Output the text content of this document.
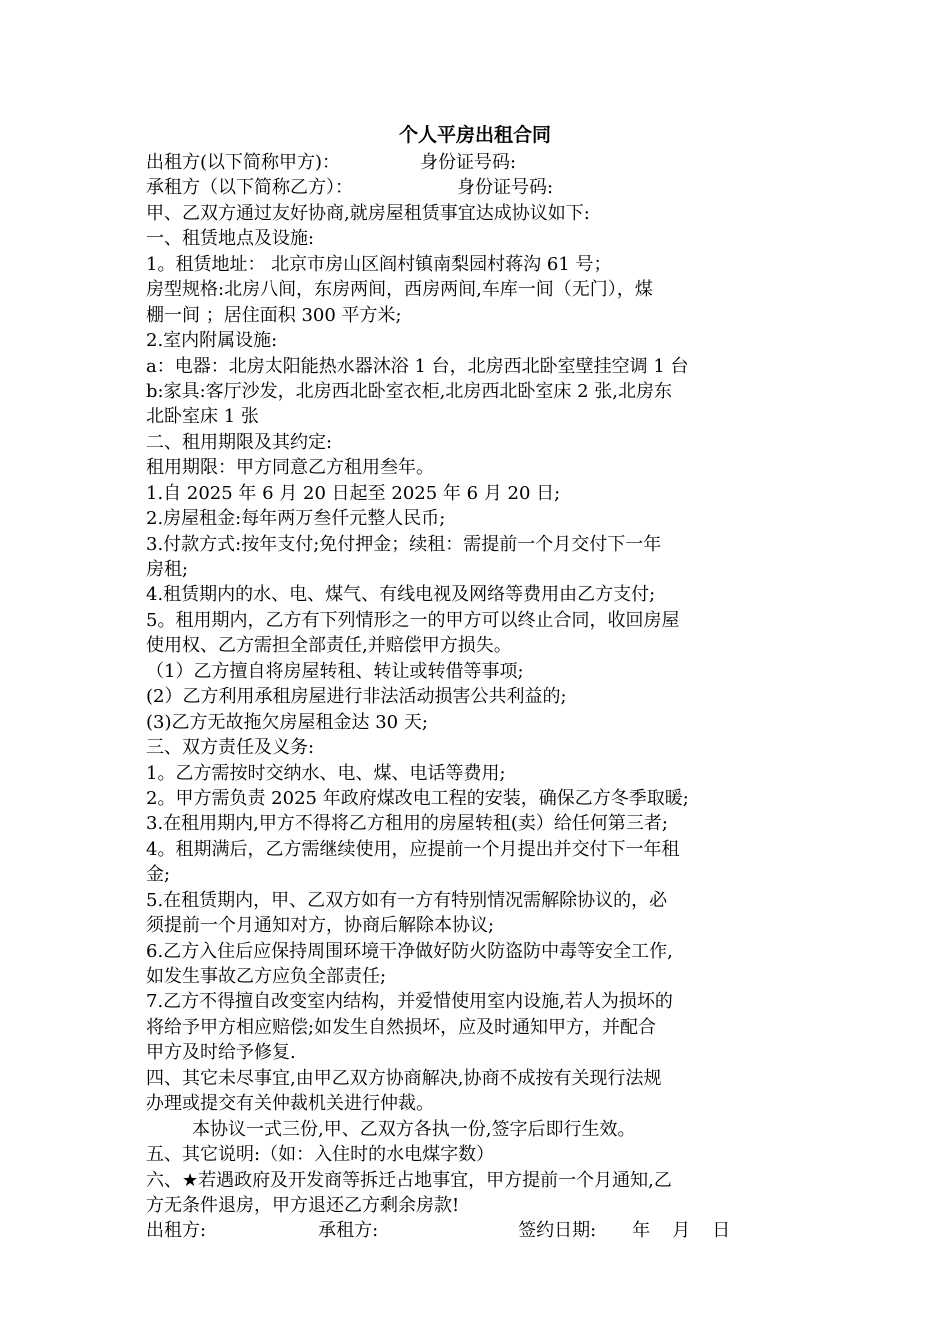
个人平房出租合同
出租方(以下简称甲方)：	身份证号码:
承租方（以下简称乙方）：	身份证号码:
甲、乙双方通过友好协商,就房屋租赁事宜达成协议如下:
一、租赁地点及设施:
1。租赁地址： 北京市房山区阎村镇南梨园村蒋沟 61 号；
房型规格:北房八间，东房两间，西房两间,车库一间（无门），煤
棚一间 ；居住面积 300 平方米;
2.室内附属设施:
a：电器：北房太阳能热水器沐浴 1 台，北房西北卧室壁挂空调 1 台
b:家具:客厅沙发，北房西北卧室衣柜,北房西北卧室床 2 张,北房东
北卧室床 1 张
二、租用期限及其约定:
租用期限：甲方同意乙方租用叁年。
1.自 2025 年 6 月 20 日起至 2025 年 6 月 20 日;
2.房屋租金:每年两万叁仟元整人民币;
3.付款方式:按年支付;免付押金；续租：需提前一个月交付下一年
房租;
4.租赁期内的水、电、煤气、有线电视及网络等费用由乙方支付;
5。租用期内，乙方有下列情形之一的甲方可以终止合同，收回房屋
使用权、乙方需担全部责任,并赔偿甲方损失。
（1）乙方擅自将房屋转租、转让或转借等事项;
(2）乙方利用承租房屋进行非法活动损害公共利益的;
(3)乙方无故拖欠房屋租金达 30 天;
三、双方责任及义务:
1。乙方需按时交纳水、电、煤、电话等费用;
2。甲方需负责 2025 年政府煤改电工程的安装，确保乙方冬季取暖;
3.在租用期内,甲方不得将乙方租用的房屋转租(卖）给任何第三者;
4。租期满后，乙方需继续使用，应提前一个月提出并交付下一年租
金;
5.在租赁期内，甲、乙双方如有一方有特别情况需解除协议的，必
须提前一个月通知对方，协商后解除本协议;
6.乙方入住后应保持周围环境干净做好防火防盗防中毒等安全工作,
如发生事故乙方应负全部责任;
7.乙方不得擅自改变室内结构，并爱惜使用室内设施,若人为损坏的
将给予甲方相应赔偿;如发生自然损坏，应及时通知甲方，并配合
甲方及时给予修复.
四、其它未尽事宜,由甲乙双方协商解决,协商不成按有关现行法规
办理或提交有关仲裁机关进行仲裁。
本协议一式三份,甲、乙双方各执一份,签字后即行生效。
五、其它说明:（如：入住时的水电煤字数）
六、★若遇政府及开发商等拆迁占地事宜，甲方提前一个月通知,乙
方无条件退房，甲方退还乙方剩余房款!
出租方:	承租方:	签约日期: 年 月 日
